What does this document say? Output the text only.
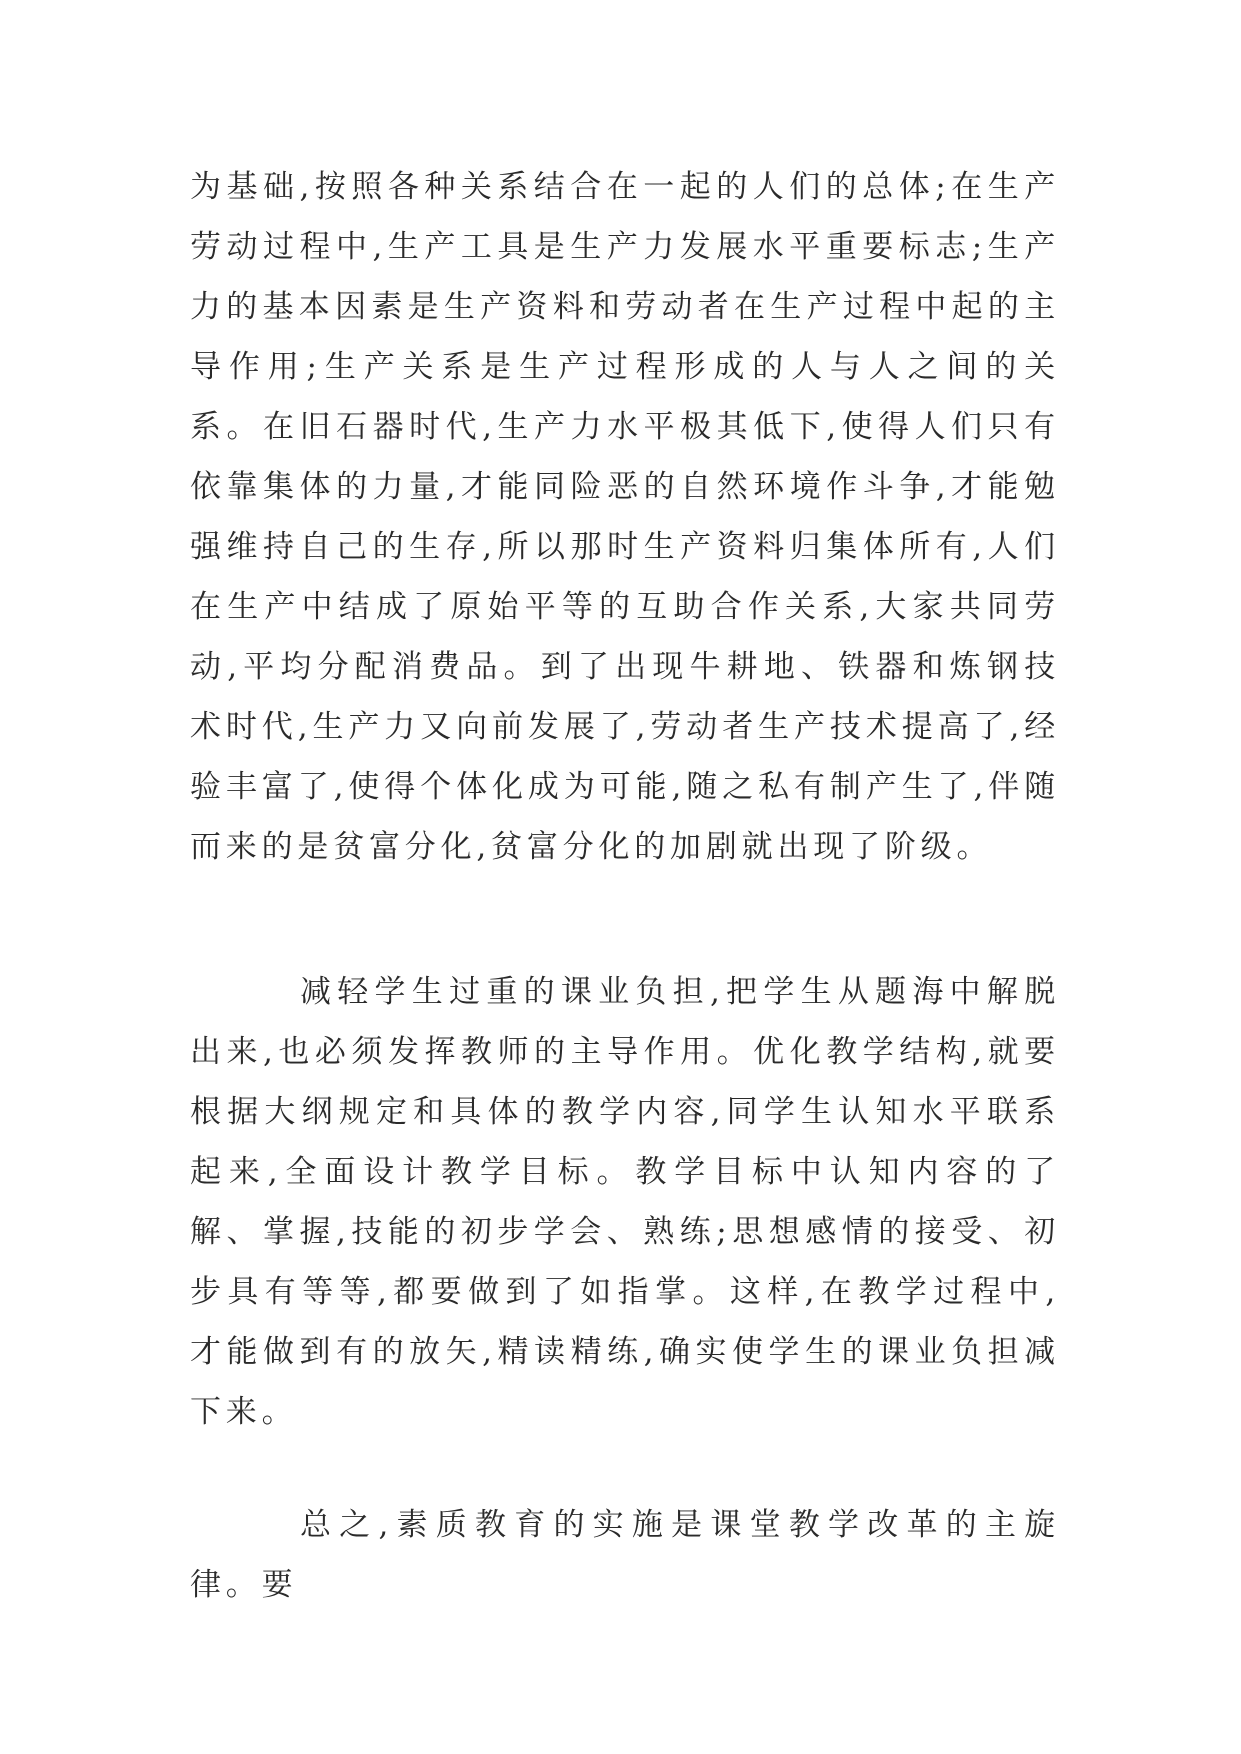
为基础,按照各种关系结合在一起的人们的总体;在生产劳动过程中,生产工具是生产力发展水平重要标志;生产力的基本因素是生产资料和劳动者在生产过程中起的主导作用;生产关系是生产过程形成的人与人之间的关系。在旧石器时代,生产力水平极其低下,使得人们只有依靠集体的力量,才能同险恶的自然环境作斗争,才能勉强维持自己的生存,所以那时生产资料归集体所有,人们在生产中结成了原始平等的互助合作关系,大家共同劳动,平均分配消费品。到了出现牛耕地、铁器和炼钢技术时代,生产力又向前发展了,劳动者生产技术提高了,经验丰富了,使得个体化成为可能,随之私有制产生了,伴随而来的是贫富分化,贫富分化的加剧就出现了阶级。

减轻学生过重的课业负担,把学生从题海中解脱出来,也必须发挥教师的主导作用。优化教学结构,就要根据大纲规定和具体的教学内容,同学生认知水平联系起来,全面设计教学目标。教学目标中认知内容的了解、掌握,技能的初步学会、熟练;思想感情的接受、初步具有等等,都要做到了如指掌。这样,在教学过程中, 才能做到有的放矢,精读精练,确实使学生的课业负担减下来。

总之,素质教育的实施是课堂教学改革的主旋律。要
